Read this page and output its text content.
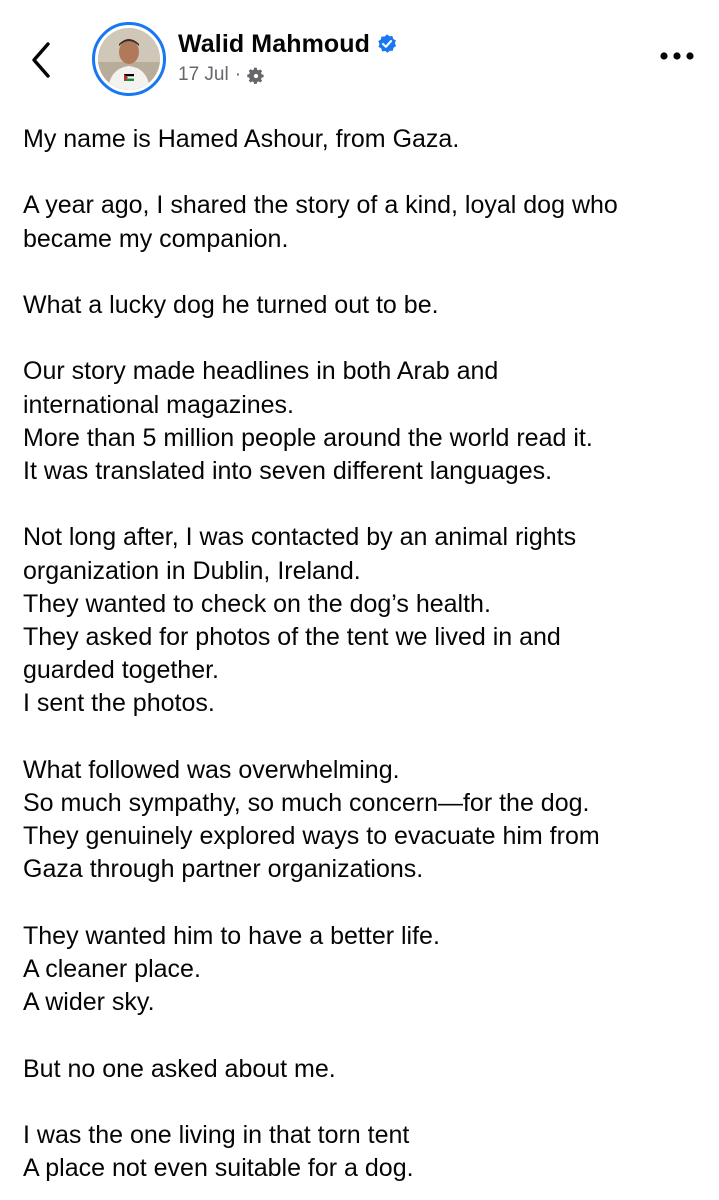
Walid Mahmoud
17 Jul ·
My name is Hamed Ashour, from Gaza.
A year ago, I shared the story of a kind, loyal dog who
became my companion.
What a lucky dog he turned out to be.
Our story made headlines in both Arab and
international magazines.
More than 5 million people around the world read it.
It was translated into seven different languages.
Not long after, I was contacted by an animal rights
organization in Dublin, Ireland.
They wanted to check on the dog’s health.
They asked for photos of the tent we lived in and
guarded together.
I sent the photos.
What followed was overwhelming.
So much sympathy, so much concern—for the dog.
They genuinely explored ways to evacuate him from
Gaza through partner organizations.
They wanted him to have a better life.
A cleaner place.
A wider sky.
But no one asked about me.
I was the one living in that torn tent
A place not even suitable for a dog.
